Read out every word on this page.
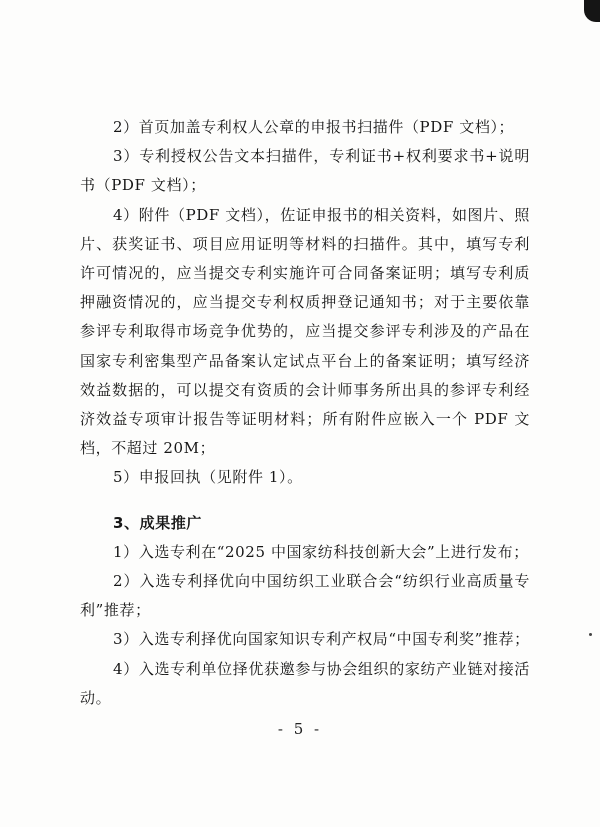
2）首页加盖专利权人公章的申报书扫描件（PDF 文档）；

3）专利授权公告文本扫描件，专利证书+权利要求书+说明书（PDF 文档）；

4）附件（PDF 文档），佐证申报书的相关资料，如图片、照片、获奖证书、项目应用证明等材料的扫描件。其中，填写专利许可情况的，应当提交专利实施许可合同备案证明；填写专利质押融资情况的，应当提交专利权质押登记通知书；对于主要依靠参评专利取得市场竞争优势的，应当提交参评专利涉及的产品在国家专利密集型产品备案认定试点平台上的备案证明；填写经济效益数据的，可以提交有资质的会计师事务所出具的参评专利经济效益专项审计报告等证明材料；所有附件应嵌入一个 PDF 文档，不超过 20M；

5）申报回执（见附件 1）。

3、成果推广

1）入选专利在“2025 中国家纺科技创新大会”上进行发布；

2）入选专利择优向中国纺织工业联合会“纺织行业高质量专利”推荐；

3）入选专利择优向国家知识专利产权局“中国专利奖”推荐；

4）入选专利单位择优获邀参与协会组织的家纺产业链对接活动。

- 5 -
